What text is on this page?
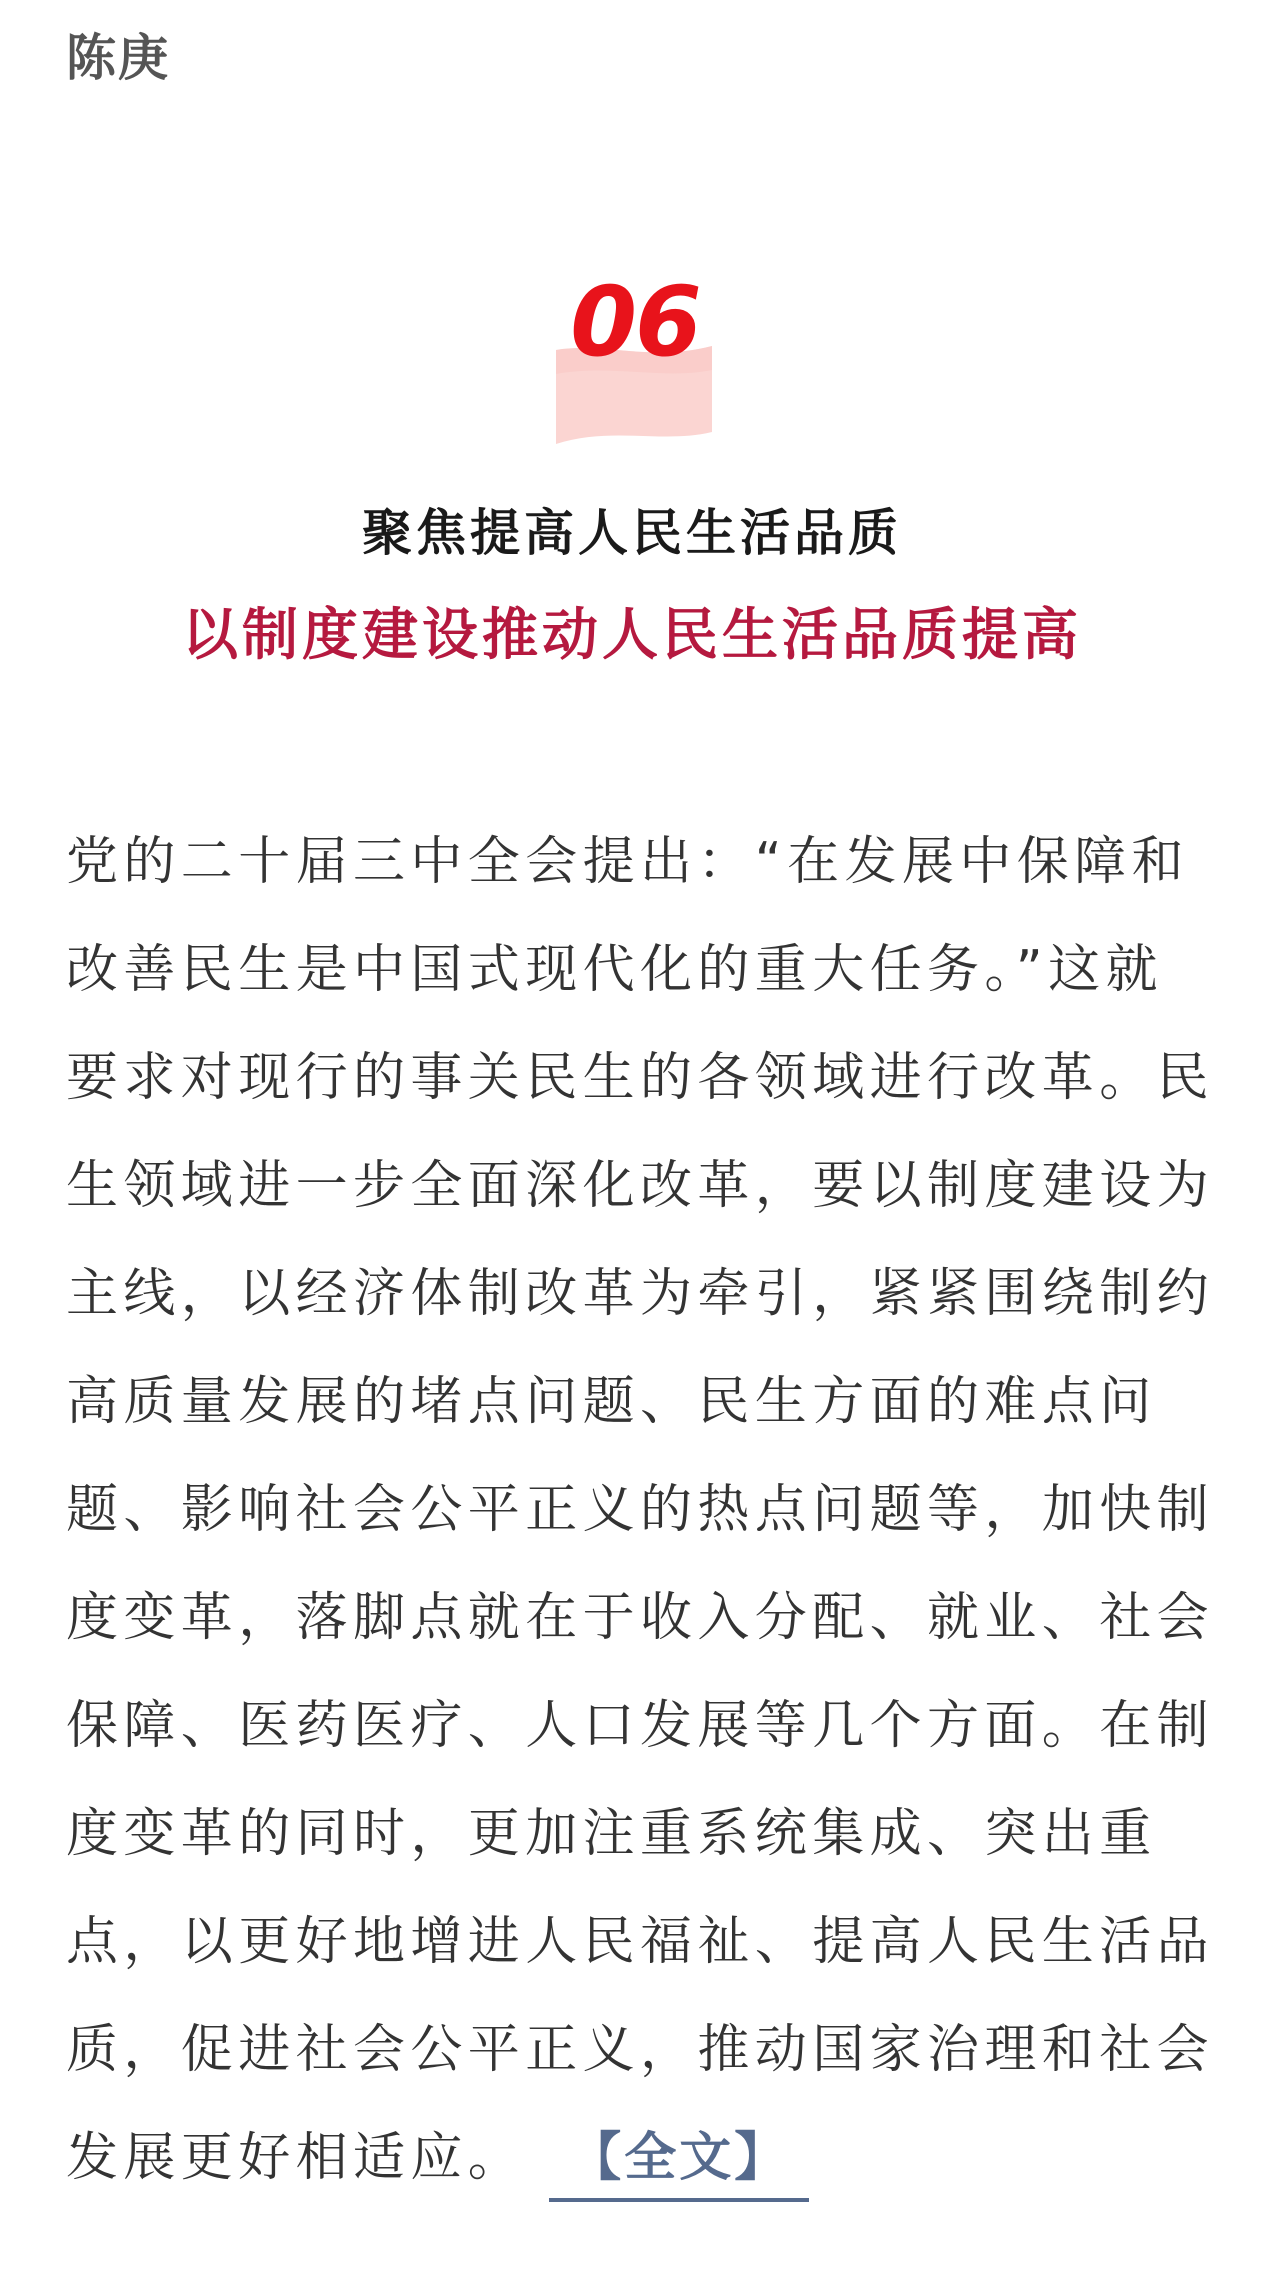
陈庚
06
聚焦提高人民生活品质
以制度建设推动人民生活品质提高
党的二十届三中全会提出：“在发展中保障和
改善民生是中国式现代化的重大任务。”这就
要求对现行的事关民生的各领域进行改革。民
生领域进一步全面深化改革，要以制度建设为
主线，以经济体制改革为牵引，紧紧围绕制约
高质量发展的堵点问题、民生方面的难点问
题、影响社会公平正义的热点问题等，加快制
度变革，落脚点就在于收入分配、就业、社会
保障、医药医疗、人口发展等几个方面。在制
度变革的同时，更加注重系统集成、突出重
点，以更好地增进人民福祉、提高人民生活品
质，促进社会公平正义，推动国家治理和社会
发展更好相适应。 【全文】
